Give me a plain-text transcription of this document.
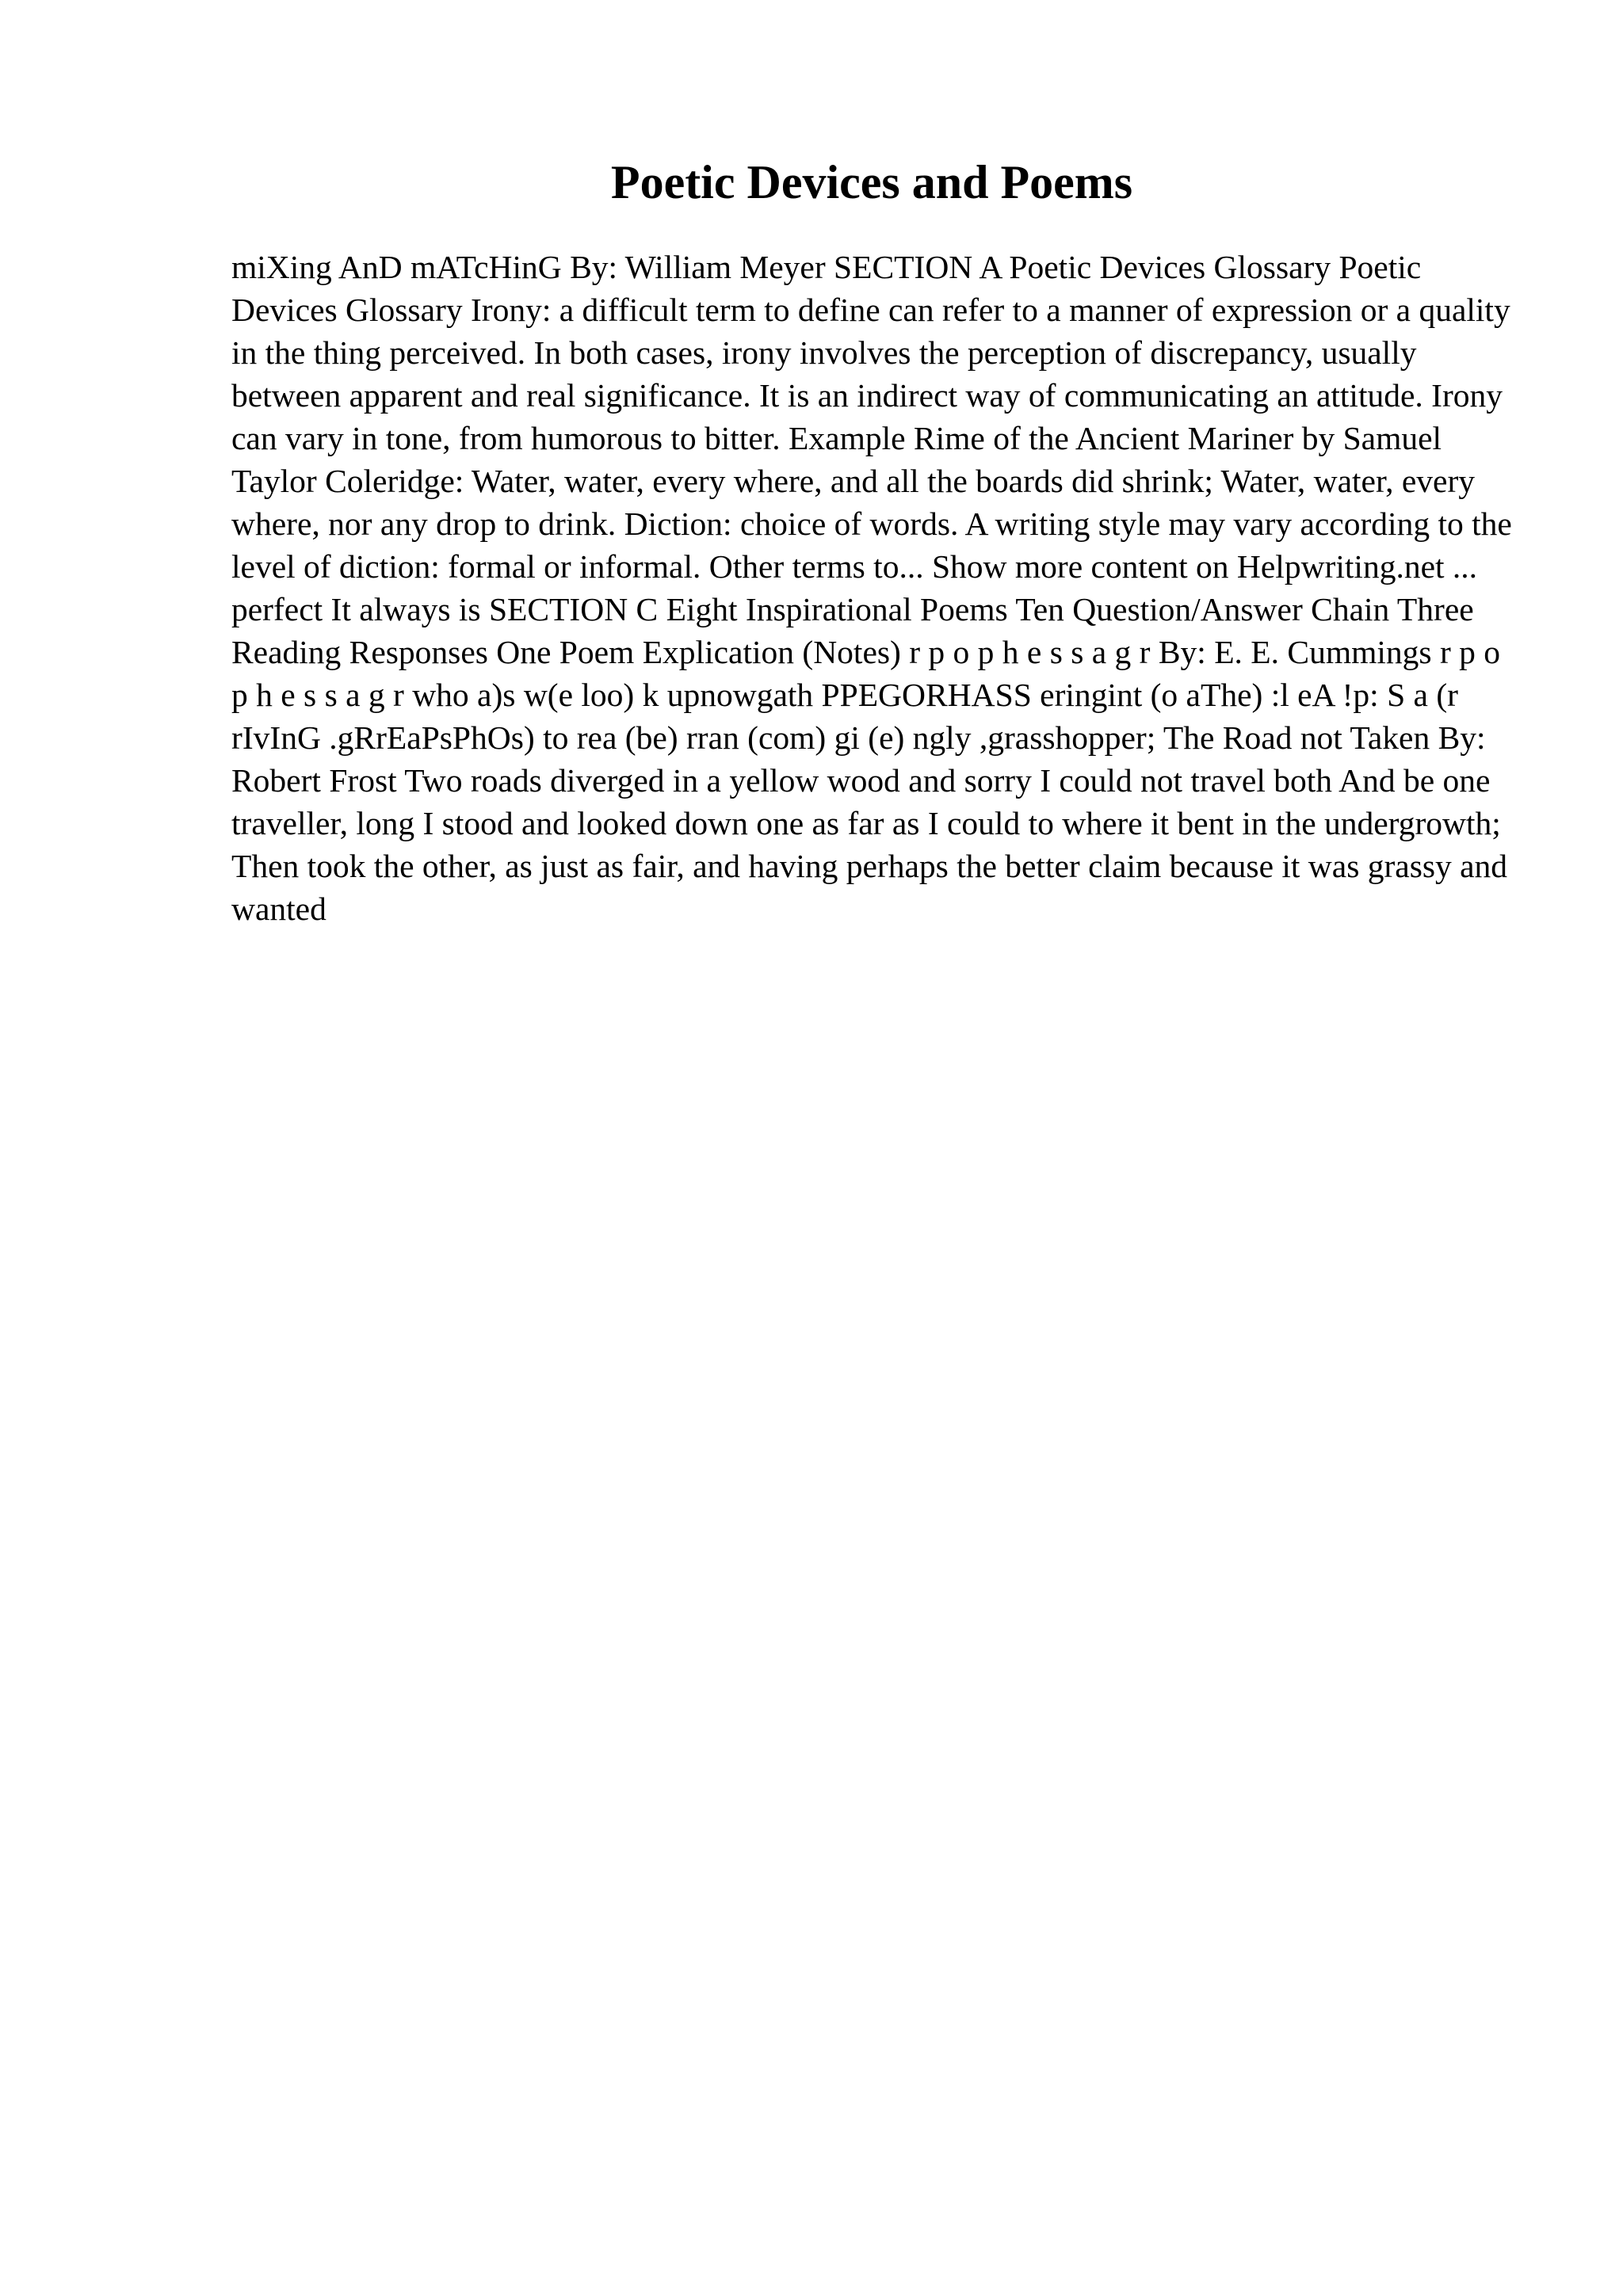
Poetic Devices and Poems

miXing AnD mATcHinG By: William Meyer SECTION A Poetic Devices Glossary Poetic Devices Glossary Irony: a difficult term to define can refer to a manner of expression or a quality in the thing perceived. In both cases, irony involves the perception of discrepancy, usually between apparent and real significance. It is an indirect way of communicating an attitude. Irony can vary in tone, from humorous to bitter. Example Rime of the Ancient Mariner by Samuel Taylor Coleridge: Water, water, every where, and all the boards did shrink; Water, water, every where, nor any drop to drink. Diction: choice of words. A writing style may vary according to the level of diction: formal or informal. Other terms to... Show more content on Helpwriting.net ...

perfect It always is SECTION C Eight Inspirational Poems Ten Question/Answer Chain Three Reading Responses One Poem Explication (Notes) r p o p h e s s a g r By: E. E. Cummings r p o p h e s s a g r who a)s w(e loo) k upnowgath PPEGORHASS eringint (o aThe) :l eA !p: S a (r rIvInG .gRrEaPsPhOs) to rea (be) rran (com) gi (e) ngly ,grasshopper; The Road not Taken By: Robert Frost Two roads diverged in a yellow wood and sorry I could not travel both And be one traveller, long I stood and looked down one as far as I could to where it bent in the undergrowth; Then took the other, as just as fair, and having perhaps the better claim because it was grassy and wanted
